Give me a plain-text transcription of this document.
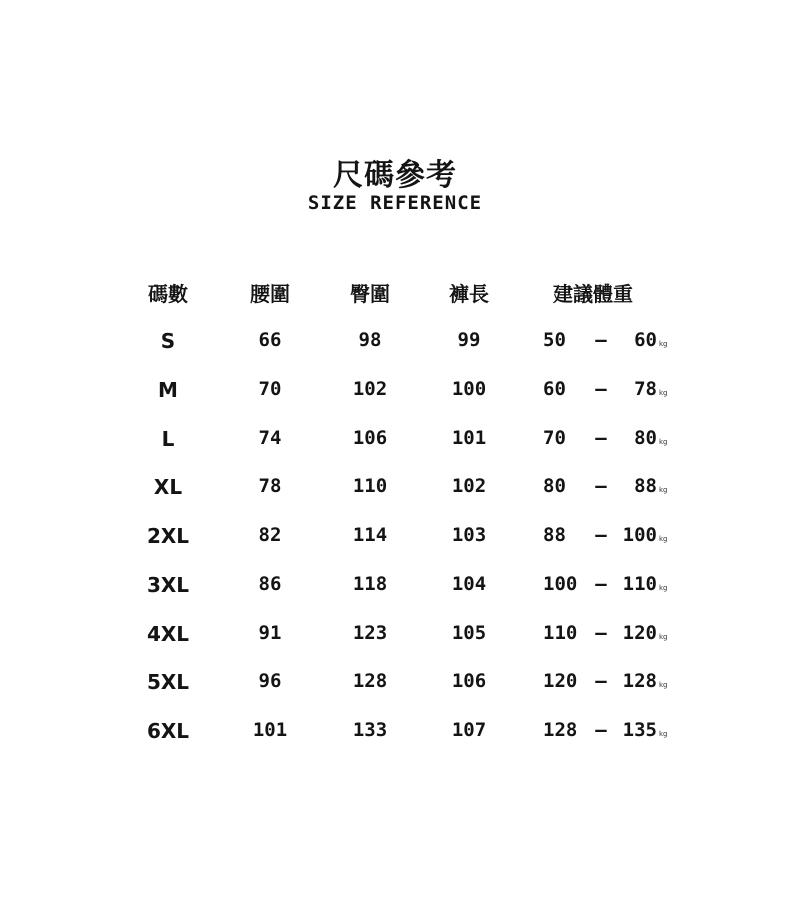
尺碼參考
SIZE REFERENCE
碼數	腰圍	臀圍	褲長	建議體重
S	66	98	99	50 – 60 kg
M	70	102	100	60 – 78 kg
L	74	106	101	70 – 80 kg
XL	78	110	102	80 – 88 kg
2XL	82	114	103	88 – 100 kg
3XL	86	118	104	100 – 110 kg
4XL	91	123	105	110 – 120 kg
5XL	96	128	106	120 – 128 kg
6XL	101	133	107	128 – 135 kg
